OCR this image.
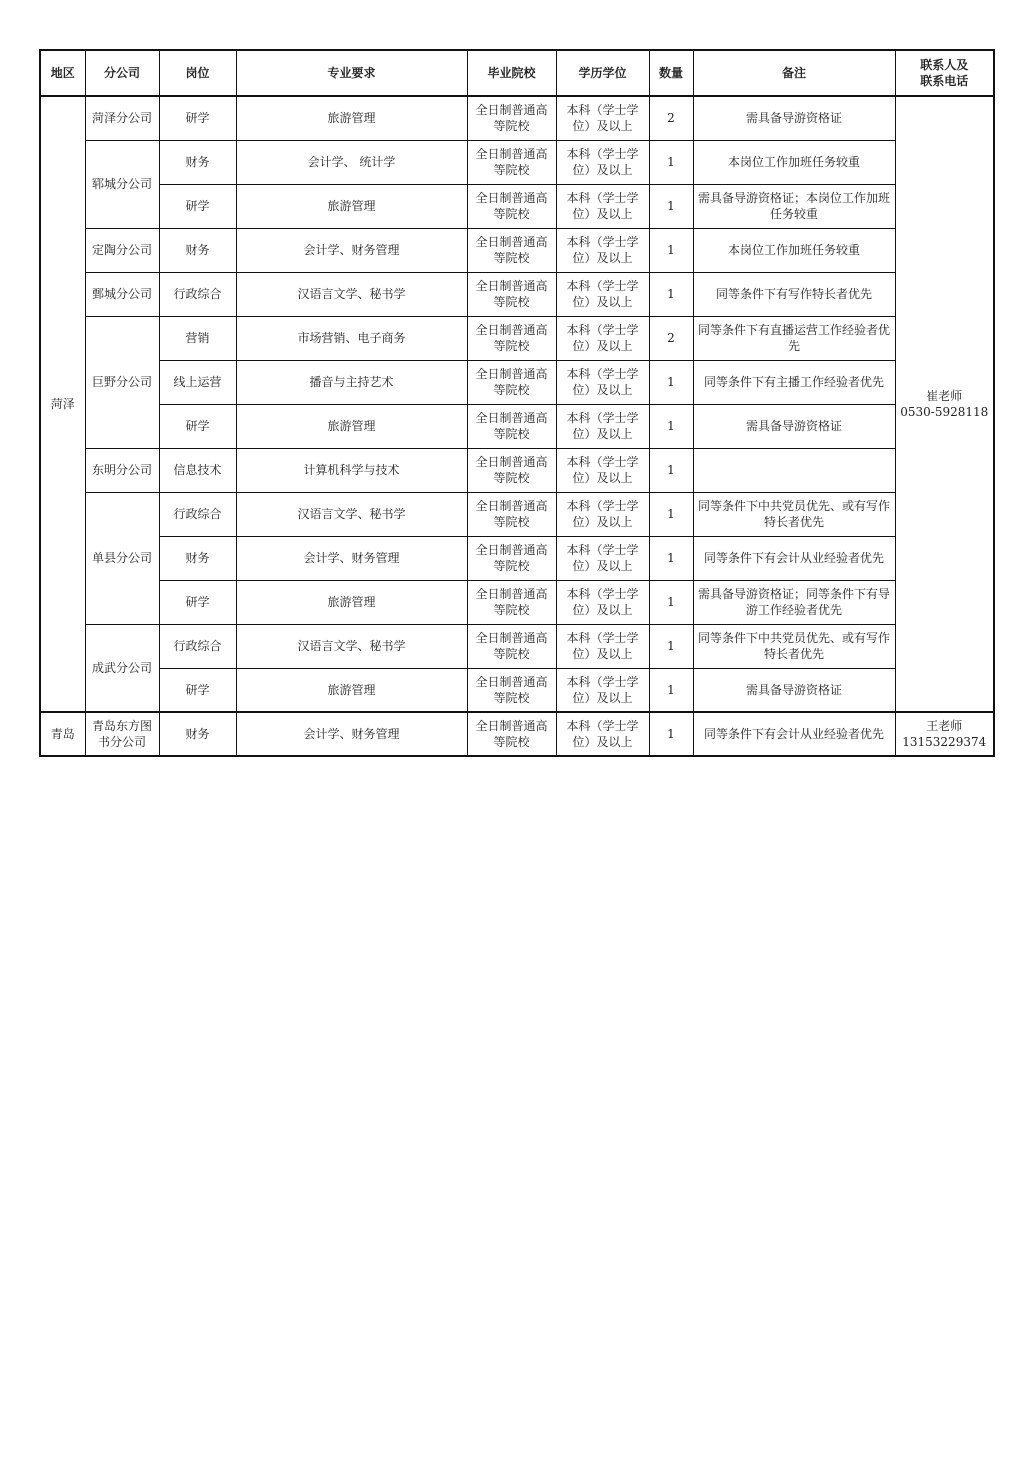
地区	分公司	岗位	专业要求	毕业院校	学历学位	数量	备注	联系人及
联系电话
菏泽	菏泽分公司	研学	旅游管理	全日制普通高等院校	本科（学士学位）及以上	2	需具备导游资格证	崔老师
0530-5928118

	郓城分公司	财务	会计学、 统计学	全日制普通高等院校	本科（学士学位）及以上	1	本岗位工作加班任务较重	
		研学	旅游管理	全日制普通高等院校	本科（学士学位）及以上	1	需具备导游资格证；本岗位工作加班任务较重	
	定陶分公司	财务	会计学、财务管理	全日制普通高等院校	本科（学士学位）及以上	1	本岗位工作加班任务较重	
	鄄城分公司	行政综合	汉语言文学、秘书学	全日制普通高等院校	本科（学士学位）及以上	1	同等条件下有写作特长者优先	
	巨野分公司	营销	市场营销、电子商务	全日制普通高等院校	本科（学士学位）及以上	2	同等条件下有直播运营工作经验者优先	
		线上运营	播音与主持艺术	全日制普通高等院校	本科（学士学位）及以上	1	同等条件下有主播工作经验者优先	
		研学	旅游管理	全日制普通高等院校	本科（学士学位）及以上	1	需具备导游资格证	
	东明分公司	信息技术	计算机科学与技术	全日制普通高等院校	本科（学士学位）及以上	1		
	单县分公司	行政综合	汉语言文学、秘书学	全日制普通高等院校	本科（学士学位）及以上	1	同等条件下中共党员优先、或有写作特长者优先	
		财务	会计学、财务管理	全日制普通高等院校	本科（学士学位）及以上	1	同等条件下有会计从业经验者优先	
		研学	旅游管理	全日制普通高等院校	本科（学士学位）及以上	1	需具备导游资格证；同等条件下有导游工作经验者优先	
	成武分公司	行政综合	汉语言文学、秘书学	全日制普通高等院校	本科（学士学位）及以上	1	同等条件下中共党员优先、或有写作特长者优先	
		研学	旅游管理	全日制普通高等院校	本科（学士学位）及以上	1	需具备导游资格证	
青岛	青岛东方图书分公司	财务	会计学、财务管理	全日制普通高等院校	本科（学士学位）及以上	1	同等条件下有会计从业经验者优先	王老师
13153229374
